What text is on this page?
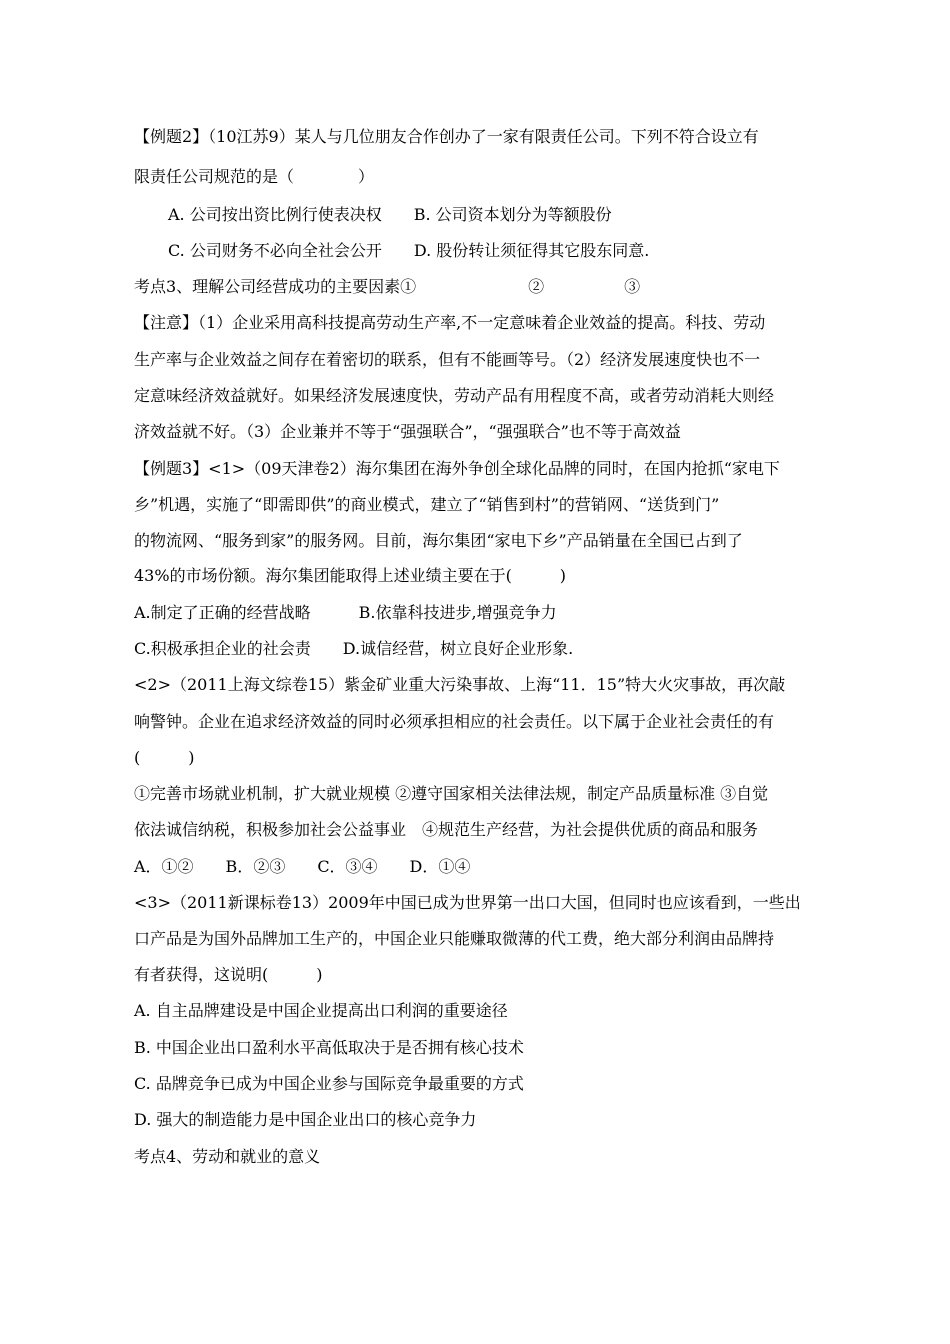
【例题2】（10江苏9）某人与几位朋友合作创办了一家有限责任公司。下列不符合设立有
限责任公司规范的是（　　　　）
A. 公司按出资比例行使表决权　　B. 公司资本划分为等额股份
C. 公司财务不必向全社会公开　　D. 股份转让须征得其它股东同意.
考点3、理解公司经营成功的主要因素①　　　　　　　②　　　　　③
【注意】（1）企业采用高科技提高劳动生产率,不一定意味着企业效益的提高。科技、劳动
生产率与企业效益之间存在着密切的联系，但有不能画等号。（2）经济发展速度快也不一
定意味经济效益就好。如果经济发展速度快，劳动产品有用程度不高，或者劳动消耗大则经
济效益就不好。（3）企业兼并不等于“强强联合”，“强强联合”也不等于高效益
【例题3】<1>（09天津卷2）海尔集团在海外争创全球化品牌的同时，在国内抢抓“家电下
乡”机遇，实施了“即需即供”的商业模式，建立了“销售到村”的营销网、“送货到门”
的物流网、“服务到家”的服务网。目前，海尔集团“家电下乡”产品销量在全国已占到了
43%的市场份额。海尔集团能取得上述业绩主要在于(　　　)
A.制定了正确的经营战略　　　B.依靠科技进步,增强竞争力
C.积极承担企业的社会责　　D.诚信经营，树立良好企业形象.
<2>（2011上海文综卷15）紫金矿业重大污染事故、上海“11．15”特大火灾事故，再次敲
响警钟。企业在追求经济效益的同时必须承担相应的社会责任。以下属于企业社会责任的有
(　　　)
①完善市场就业机制，扩大就业规模 ②遵守国家相关法律法规，制定产品质量标准 ③自觉
依法诚信纳税，积极参加社会公益事业　④规范生产经营，为社会提供优质的商品和服务
A．①②　　B．②③　　C．③④　　D．①④
<3>（2011新课标卷13）2009年中国已成为世界第一出口大国，但同时也应该看到，一些出
口产品是为国外品牌加工生产的，中国企业只能赚取微薄的代工费，绝大部分利润由品牌持
有者获得，这说明(　　　)
A. 自主品牌建设是中国企业提高出口利润的重要途径
B. 中国企业出口盈利水平高低取决于是否拥有核心技术
C. 品牌竞争已成为中国企业参与国际竞争最重要的方式
D. 强大的制造能力是中国企业出口的核心竞争力
考点4、劳动和就业的意义
